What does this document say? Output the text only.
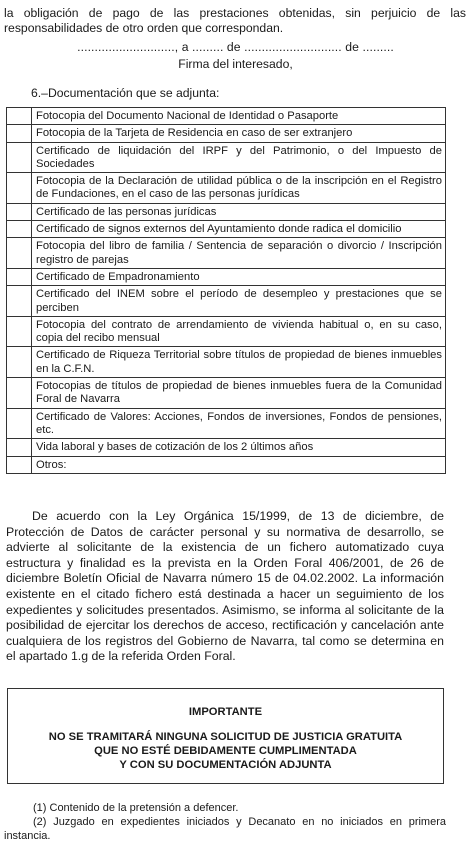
la obligación de pago de las prestaciones obtenidas, sin perjuicio de las responsabilidades de otro orden que correspondan.
............................, a ......... de ............................ de .........
Firma del interesado,
6.–Documentación que se adjunta:
	Fotocopia del Documento Nacional de Identidad o Pasaporte
	Fotocopia de la Tarjeta de Residencia en caso de ser extranjero
	Certificado de liquidación del IRPF y del Patrimonio, o del Impuesto de Sociedades
	Fotocopia de la Declaración de utilidad pública o de la inscripción en el Registro de Fundaciones, en el caso de las personas jurídicas
	Certificado de las personas jurídicas
	Certificado de signos externos del Ayuntamiento donde radica el domicilio
	Fotocopia del libro de familia / Sentencia de separación o divorcio / Inscripción registro de parejas
	Certificado de Empadronamiento
	Certificado del INEM sobre el período de desempleo y prestaciones que se perciben
	Fotocopia del contrato de arrendamiento de vivienda habitual o, en su caso, copia del recibo mensual
	Certificado de Riqueza Territorial sobre títulos de propiedad de bienes inmuebles en la C.F.N.
	Fotocopias de títulos de propiedad de bienes inmuebles fuera de la Comunidad Foral de Navarra
	Certificado de Valores: Acciones, Fondos de inversiones, Fondos de pensiones, etc.
	Vida laboral y bases de cotización de los 2 últimos años
	Otros:
De acuerdo con la Ley Orgánica 15/1999, de 13 de diciembre, de Protección de Datos de carácter personal y su normativa de desarrollo, se advierte al solicitante de la existencia de un fichero automatizado cuya estructura y finalidad es la prevista en la Orden Foral 406/2001, de 26 de diciembre Boletín Oficial de Navarra número 15 de 04.02.2002. La información existente en el citado fichero está destinada a hacer un seguimiento de los expedientes y solicitudes presentados. Asimismo, se informa al solicitante de la posibilidad de ejercitar los derechos de acceso, rectificación y cancelación ante cualquiera de los registros del Gobierno de Navarra, tal como se determina en el apartado 1.g de la referida Orden Foral.
IMPORTANTE
NO SE TRAMITARÁ NINGUNA SOLICITUD DE JUSTICIA GRATUITA
QUE NO ESTÉ DEBIDAMENTE CUMPLIMENTADA
Y CON SU DOCUMENTACIÓN ADJUNTA
(1) Contenido de la pretensión a defencer.
(2) Juzgado en expedientes iniciados y Decanato en no iniciados en primera instancia.
